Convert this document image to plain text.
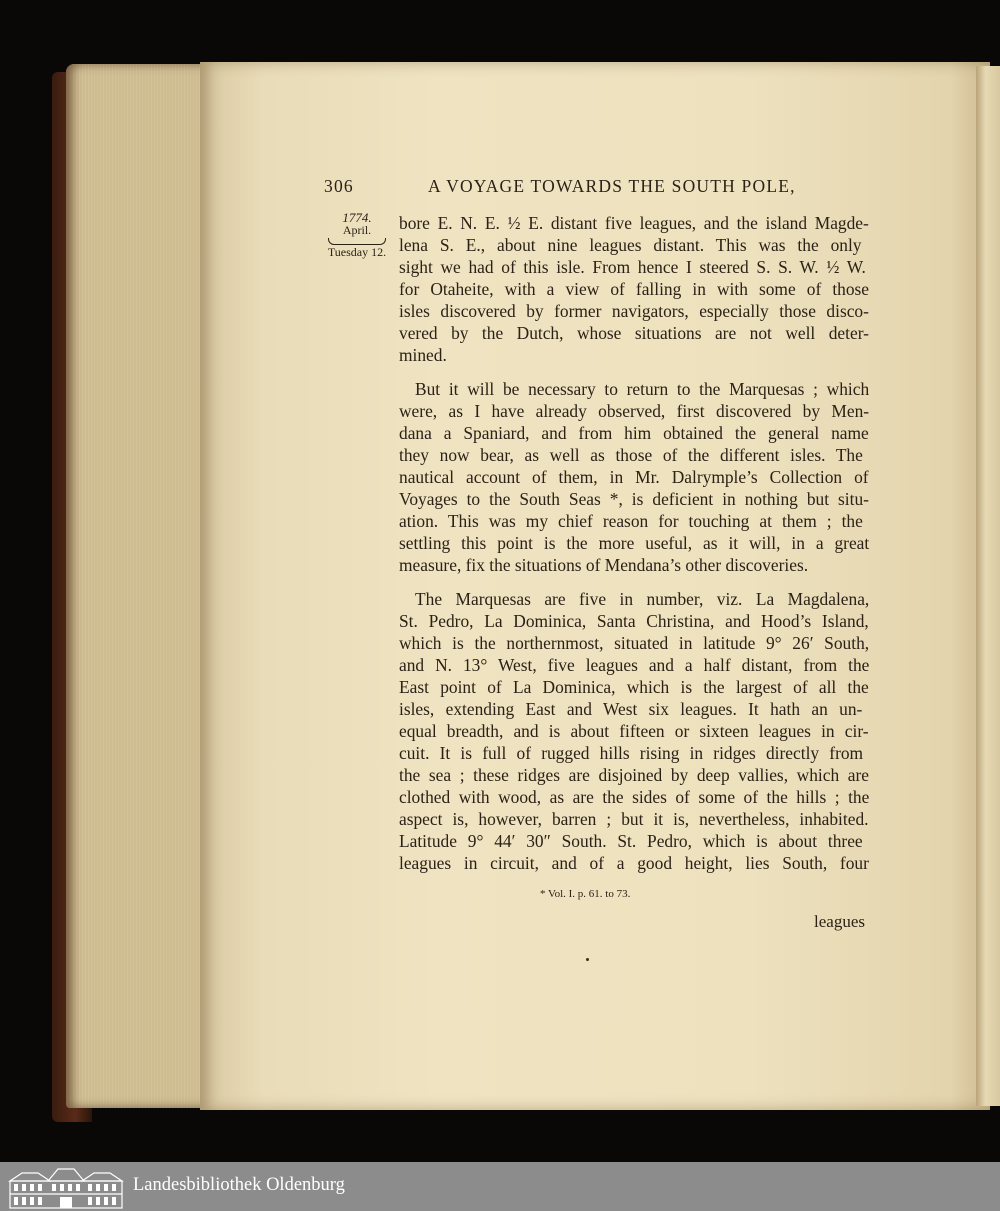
306	A VOYAGE TOWARDS THE SOUTH POLE,
1774.
April.
Tuesday 12.
bore E. N. E. ½ E. distant five leagues, and the island Magde-
lena S. E., about nine leagues distant. This was the only
sight we had of this isle. From hence I steered S. S. W. ½ W.
for Otaheite, with a view of falling in with some of those
isles discovered by former navigators, especially those disco-
vered by the Dutch, whose situations are not well deter-
mined.
But it will be necessary to return to the Marquesas ; which
were, as I have already observed, first discovered by Men-
dana a Spaniard, and from him obtained the general name
they now bear, as well as those of the different isles. The
nautical account of them, in Mr. Dalrymple’s Collection of
Voyages to the South Seas *, is deficient in nothing but situ-
ation. This was my chief reason for touching at them ; the
settling this point is the more useful, as it will, in a great
measure, fix the situations of Mendana’s other discoveries.
The Marquesas are five in number, viz. La Magdalena,
St. Pedro, La Dominica, Santa Christina, and Hood’s Island,
which is the northernmost, situated in latitude 9° 26′ South,
and N. 13° West, five leagues and a half distant, from the
East point of La Dominica, which is the largest of all the
isles, extending East and West six leagues. It hath an un-
equal breadth, and is about fifteen or sixteen leagues in cir-
cuit. It is full of rugged hills rising in ridges directly from
the sea ; these ridges are disjoined by deep vallies, which are
clothed with wood, as are the sides of some of the hills ; the
aspect is, however, barren ; but it is, nevertheless, inhabited.
Latitude 9° 44′ 30″ South. St. Pedro, which is about three
leagues in circuit, and of a good height, lies South, four
* Vol. I. p. 61. to 73.
leagues
Landesbibliothek Oldenburg
